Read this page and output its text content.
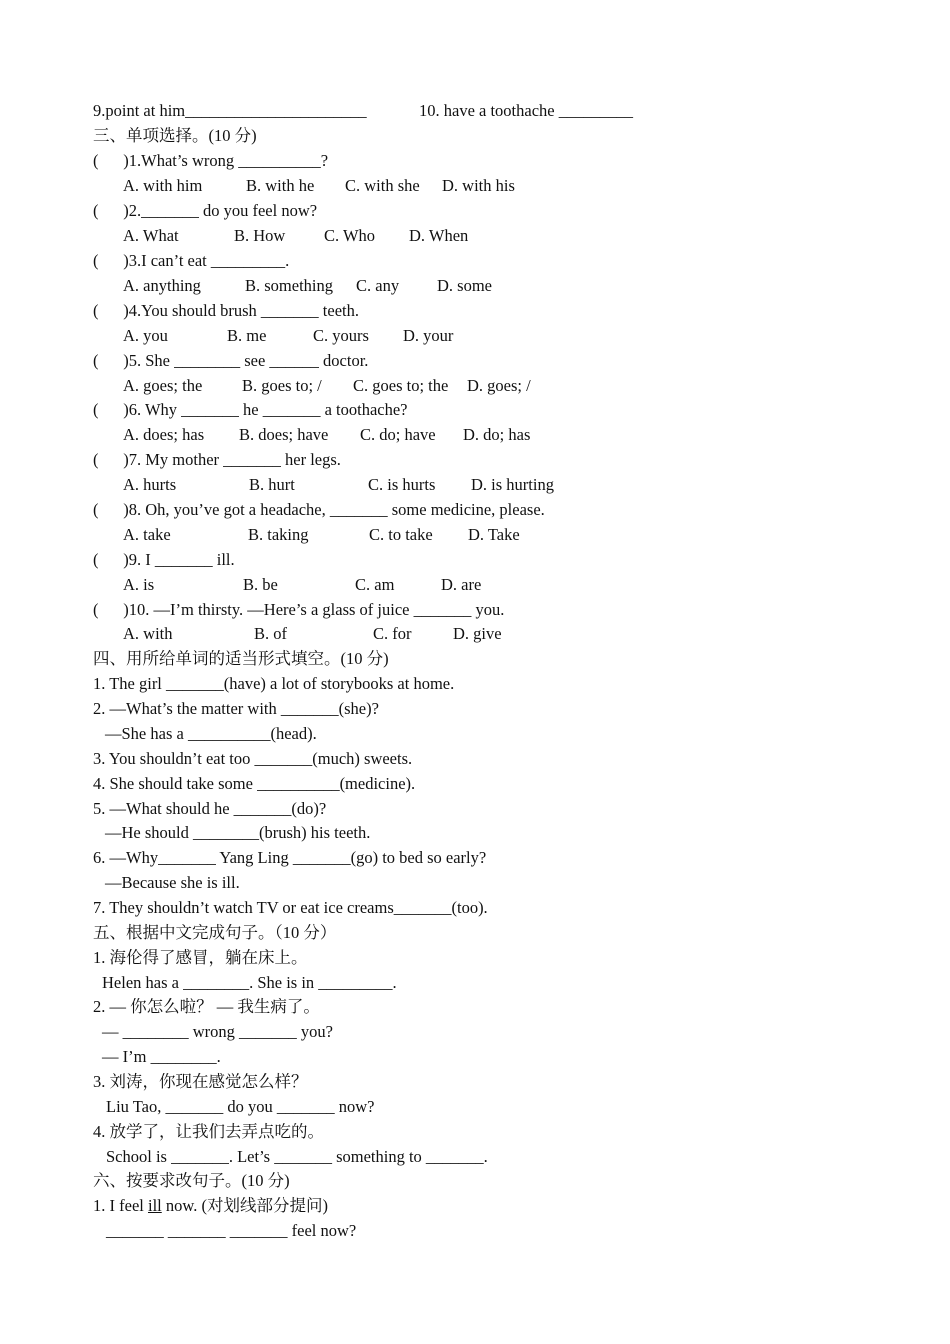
9.point at him______________________

	10. have a toothache _________

三、单项选择。(10 分)
(      )1.What’s wrong __________?

A. with him

	B. with he

C. with she

D. with his

(      )2._______ do you feel now?

A. What

	B. How

C. Who

D. When

(      )3.I can’t eat _________.

A. anything

	B. something

C. any

D. some

(      )4.You should brush _______ teeth.

A. you

	B. me

	C. yours

D. your

(      )5. She ________ see ______ doctor.

A. goes; the

B. goes to; /

C. goes to; the

D. goes; /

(      )6. Why _______ he _______ a toothache?

A. does; has

B. does; have

C. do; have

D. do; has

(      )7. My mother _______ her legs.

A. hurts

	B. hurt

	C. is hurts

D. is hurting

(      )8. Oh, you’ve got a headache, _______ some medicine, please.

A. take

	B. taking

	C. to take

D. Take

(      )9. I _______ ill.

A. is

	B. be

	C. am

	D. are

(      )10. —I’m thirsty. —Here’s a glass of juice _______ you.

A. with

	B. of

	C. for

	D. give

四、用所给单词的适当形式填空。(10 分)
1. The girl _______(have) a lot of storybooks at home.
2. —What’s the matter with _______(she)?
—She has a __________(head).
3. You shouldn’t eat too _______(much) sweets.
4. She should take some __________(medicine).
5. —What should he _______(do)?
—He should ________(brush) his teeth.
6. —Why_______ Yang Ling _______(go) to bed so early?
—Because she is ill.
7. They shouldn’t watch TV or eat ice creams_______(too).
五、根据中文完成句子。（10 分）
1. 海伦得了感冒，躺在床上。
Helen has a ________. She is in _________.
2. — 你怎么啦？ — 我生病了。
— ________ wrong _______ you?
— I’m ________.
3. 刘涛，你现在感觉怎么样？
Liu Tao, _______ do you _______ now?
4. 放学了，让我们去弄点吃的。
School is _______. Let’s _______ something to _______.
六、按要求改句子。(10 分)
1. I feel ill now. (对划线部分提问)
_______ _______ _______ feel now?
